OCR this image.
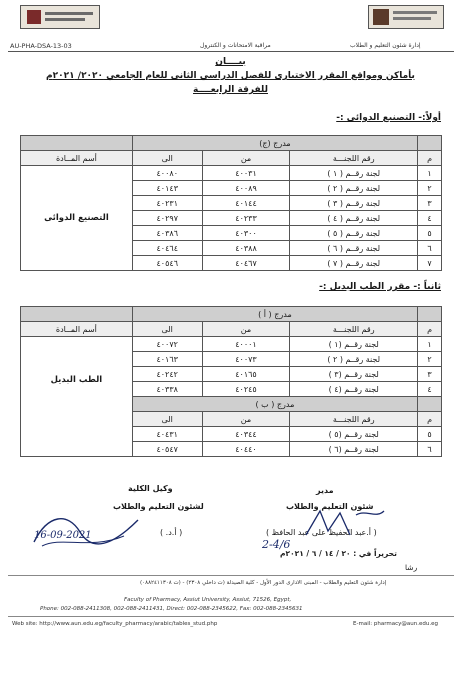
AU-PHA-DSA-13-03	مراقبة الامتحانات و الكنترول	إدارة شئون التعليم و الطلاب
بيــــان
بأماكن ومواقع المقرر الاختيارى للفصل الدراسي الثانى للعام الجامعي ٢٠٢٠/ ٢٠٢١م
للفرقة الرابعــــة
أولاً:- التصنيع الدوائى :-
	مدرج (ج)			
م	رقم اللجنـــة	من	الى	أسم المــادة
١	لجنة رقــم ( ١ )	٤٠٠٣١	٤٠٠٨٠	التصنيع الدوائى
٢	لجنة رقــم ( ٢ )	٤٠٠٨٩	٤٠١٤٣	
٣	لجنة رقــم ( ٣ )	٤٠١٤٤	٤٠٢٣١	
٤	لجنة رقــم ( ٤ )	٤٠٢٣٣	٤٠٢٩٧	
٥	لجنة رقــم ( ٥ )	٤٠٣٠٠	٤٠٣٨٦	
٦	لجنة رقــم ( ٦ )	٤٠٣٨٨	٤٠٤٦٤	
٧	لجنة رقــم ( ٧ )	٤٠٤٦٧	٤٠٥٤٦	
ثانياً :- مقرر الطب البديل :-
	مدرج ( أ )			
م	رقم اللجنـــة	من	الى	أسم المــادة
١	لجنة رقــم (١ )	٤٠٠٠١	٤٠٠٧٢	الطب البديل
٢	لجنة رقــم ( ٢ )	٤٠٠٧٣	٤٠١٦٣	
٣	لجنة رقــم (٣ )	٤٠١٦٥	٤٠٢٤٢	
٤	لجنة رقــم (٤ )	٤٠٢٤٥	٤٠٣٣٨	
	مدرج ( ب )			
م	رقم اللجنـــة	من	الى	
٥	لجنة رقــم (٥ )	٤٠٣٤٤	٤٠٤٣١	
٦	لجنة رقــم (٦ )	٤٠٤٤٠	٤٠٥٤٧	
مدير
شئون التعليم والطلاب
( أ.عبد الحفيظ على عبد الحافظ )
وكيل الكلية
لشئون التعليم والطلاب
( أ.د. )
16-09-2021
2-4/6
تحريراً في : ٢٠ / ١٤ / ٦ / ٢٠٢١م
رشا
إدارة شئون التعليم والطلاب - المبنى الادارى الدور الأول - كلية الصيدلة (ت داخلي ٢٣٠٨) - (ت ٠٨٨٢٤١١٣٠٨)
Faculty of Pharmacy, Assiut University, Assiut, 71526, Egypt,
Phone: 002-088-2411308, 002-088-2411431, Direct: 002-088-2345622, Fax: 002-088-2345631
Web site: http://www.aun.edu.eg/faculty_pharmacy/arabic/tables_stud.php	E-mail: pharmacy@aun.edu.eg
